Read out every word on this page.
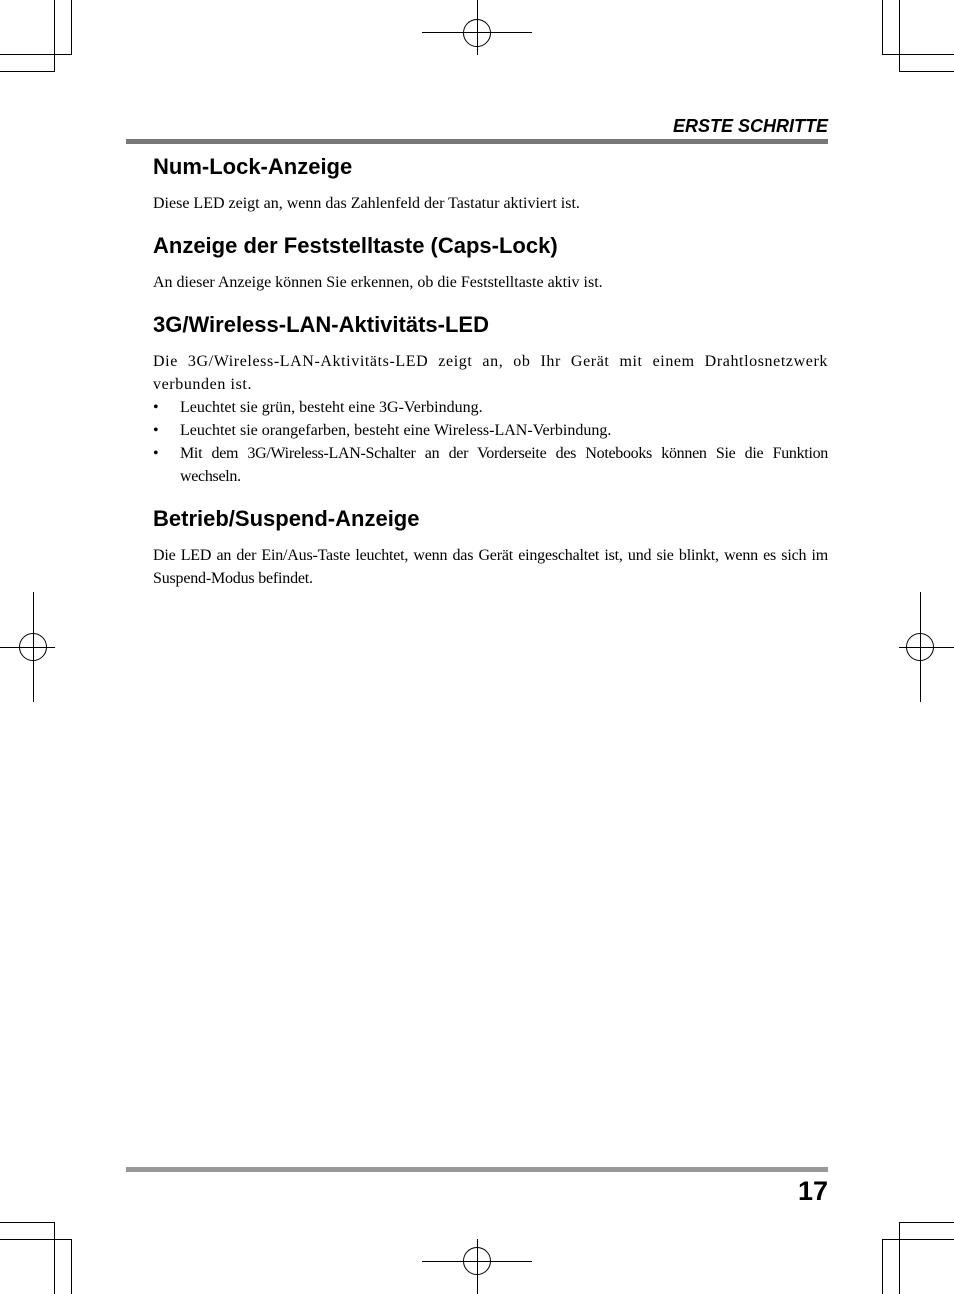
ERSTE SCHRITTE
Num-Lock-Anzeige

Diese LED zeigt an, wenn das Zahlenfeld der Tastatur aktiviert ist.

Anzeige der Feststelltaste (Caps-Lock)

An dieser Anzeige können Sie erkennen, ob die Feststelltaste aktiv ist.

3G/Wireless-LAN-Aktivitäts-LED

Die 3G/Wireless-LAN-Aktivitäts-LED zeigt an, ob Ihr Gerät mit einem Drahtlosnetzwerk verbunden ist.

• Leuchtet sie grün, besteht eine 3G-Verbindung.
• Leuchtet sie orangefarben, besteht eine Wireless-LAN-Verbindung.
• Mit dem 3G/Wireless-LAN-Schalter an der Vorderseite des Notebooks können Sie die Funktion wechseln.
Betrieb/Suspend-Anzeige

Die LED an der Ein/Aus-Taste leuchtet, wenn das Gerät eingeschaltet ist, und sie blinkt, wenn es sich im Suspend-Modus befindet.

17
